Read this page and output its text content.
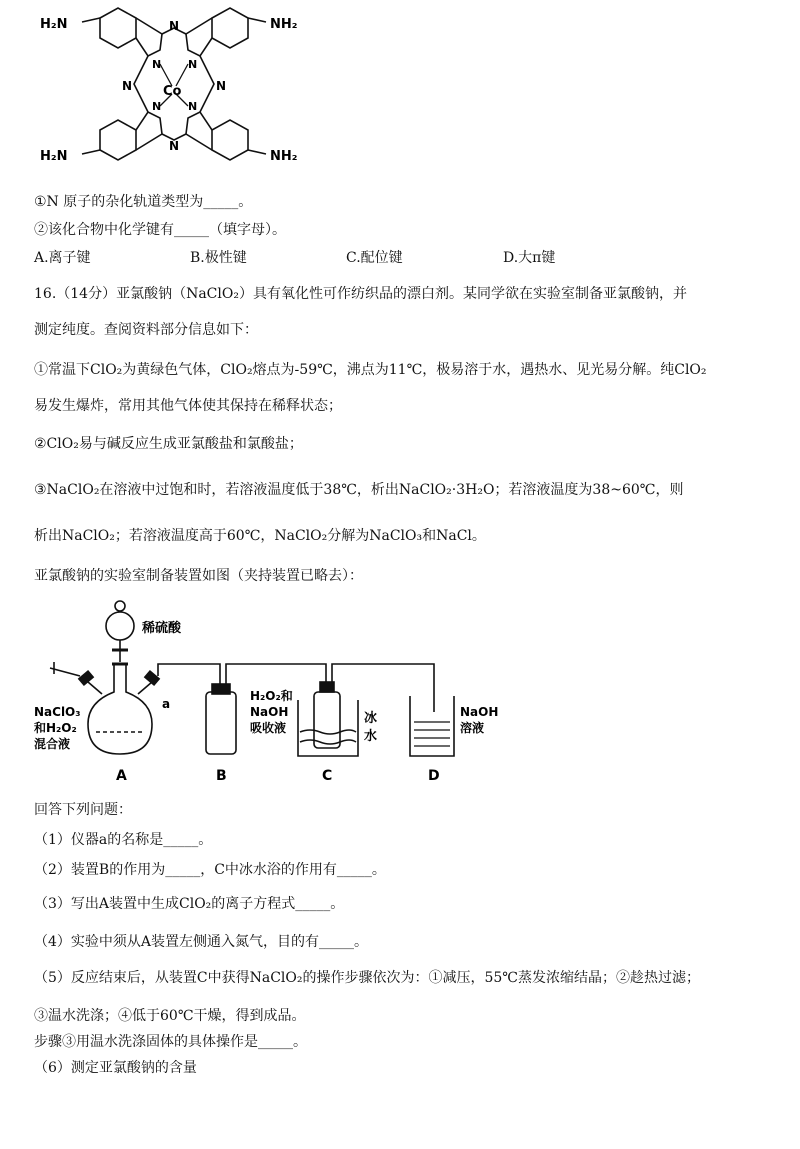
H₂N	NH₂
H₂N	NH₂
N
N	N
N
N N
N N
Co
①N 原子的杂化轨道类型为_____。
②该化合物中化学键有_____（填字母）。
A.离子键	B.极性键	C.配位键	D.大π键
16.（14分）亚氯酸钠（NaClO₂）具有氧化性可作纺织品的漂白剂。某同学欲在实验室制备亚氯酸钠，并
测定纯度。查阅资料部分信息如下：
①常温下ClO₂为黄绿色气体，ClO₂熔点为-59℃，沸点为11℃，极易溶于水，遇热水、见光易分解。纯ClO₂
易发生爆炸，常用其他气体使其保持在稀释状态；
②ClO₂易与碱反应生成亚氯酸盐和氯酸盐；
③NaClO₂在溶液中过饱和时，若溶液温度低于38℃，析出NaClO₂·3H₂O；若溶液温度为38~60℃，则
析出NaClO₂；若溶液温度高于60℃，NaClO₂分解为NaClO₃和NaCl。
亚氯酸钠的实验室制备装置如图（夹持装置已略去）：
稀硫酸
NaClO₃
和H₂O₂
混合液
a
H₂O₂和
NaOH
吸收液
冰
水
NaOH
溶液
A	B	C	D
回答下列问题：
（1）仪器a的名称是_____。
（2）装置B的作用为_____，C中冰水浴的作用有_____。
（3）写出A装置中生成ClO₂的离子方程式_____。
（4）实验中须从A装置左侧通入氮气，目的有_____。
（5）反应结束后，从装置C中获得NaClO₂的操作步骤依次为：①减压，55℃蒸发浓缩结晶；②趁热过滤；
③温水洗涤；④低于60℃干燥，得到成品。
步骤③用温水洗涤固体的具体操作是_____。
（6）测定亚氯酸钠的含量
